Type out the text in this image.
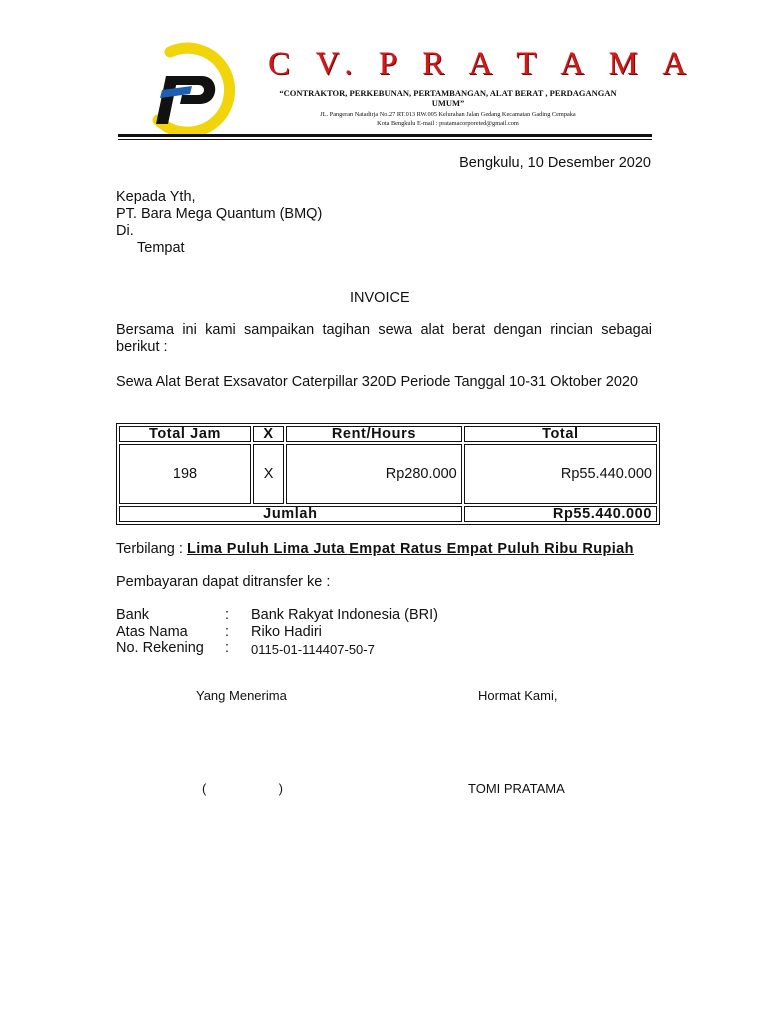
C V. P R A T A M A
“CONTRAKTOR, PERKEBUNAN, PERTAMBANGAN, ALAT BERAT , PERDAGANGAN UMUM”
JL. Pangeran Natadirja No.27 RT.013 RW.005 Kelurahan Jalan Gedang Kecamatan Gading Cempaka
Kota Bengkulu E-mail : pratamacorporeted@gmail.com
Bengkulu, 10 Desember 2020
Kepada Yth,
PT. Bara Mega Quantum (BMQ)
Di.
Tempat
INVOICE
Bersama ini kami sampaikan tagihan sewa alat berat dengan rincian sebagai berikut :
Sewa Alat Berat Exsavator Caterpillar 320D Periode Tanggal 10-31 Oktober 2020
Total Jam	X	Rent/Hours	Total
198	X	Rp280.000	Rp55.440.000
Jumlah			Rp55.440.000
Terbilang : Lima Puluh Lima Juta Empat Ratus Empat Puluh Ribu Rupiah
Pembayaran dapat ditransfer ke :
Bank	: Bank Rakyat Indonesia (BRI)
Atas Nama	: Riko Hadiri
No. Rekening : 0115-01-114407-50-7
Yang Menerima	Hormat Kami,
(                    )	TOMI PRATAMA
